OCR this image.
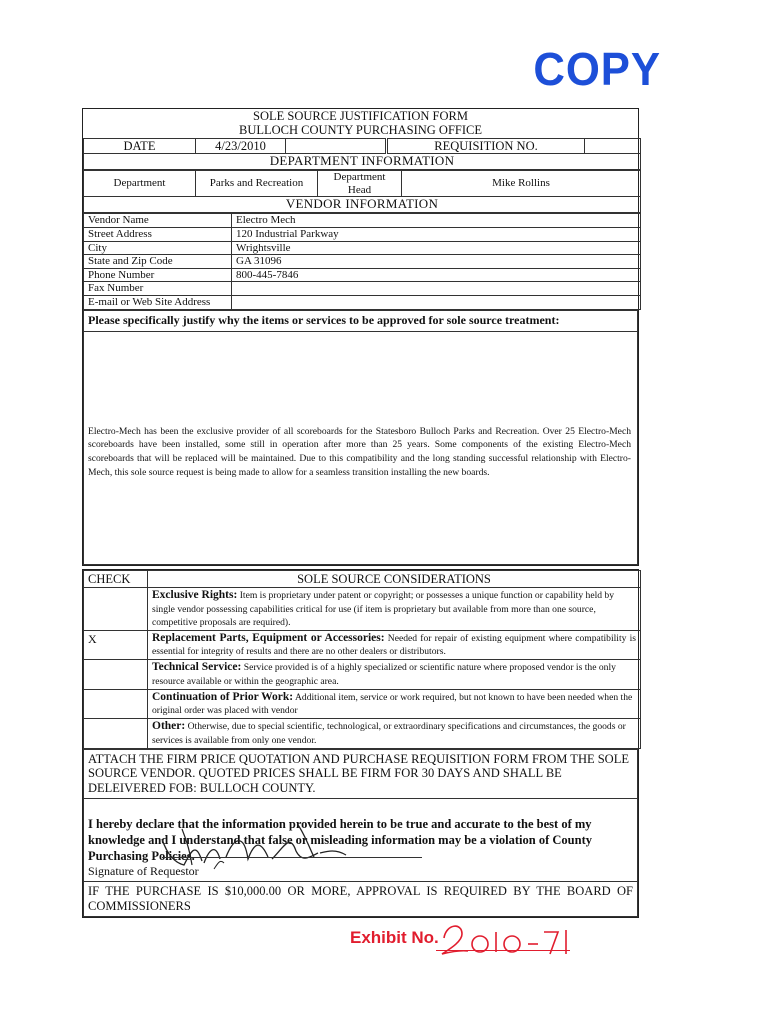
COPY
SOLE SOURCE JUSTIFICATION FORM
BULLOCH COUNTY PURCHASING OFFICE
DATE	4/23/2010		REQUISITION NO.	
DEPARTMENT INFORMATION
Department	Parks and Recreation	Department Head	Mike Rollins
VENDOR INFORMATION
Vendor Name	Electro Mech
Street Address	120 Industrial Parkway
City	Wrightsville
State and Zip Code	GA 31096
Phone Number	800-445-7846
Fax Number	
E-mail or Web Site Address	
Please specifically justify why the items or services to be approved for sole source treatment:

Electro-Mech has been the exclusive provider of all scoreboards for the Statesboro Bulloch Parks and Recreation. Over 25 Electro-Mech scoreboards have been installed, some still in operation after more than 25 years. Some components of the existing Electro-Mech scoreboards that will be replaced will be maintained. Due to this compatibility and the long standing successful relationship with Electro-Mech, this sole source request is being made to allow for a seamless transition installing the new boards.
CHECK	SOLE SOURCE CONSIDERATIONS
	Exclusive Rights: Item is proprietary under patent or copyright; or possesses a unique function or capability held by single vendor possessing capabilities critical for use (if item is proprietary but available from more than one source, competitive proposals are required).
X	Replacement Parts, Equipment or Accessories: Needed for repair of existing equipment where compatibility is essential for integrity of results and there are no other dealers or distributors.
	Technical Service: Service provided is of a highly specialized or scientific nature where proposed vendor is the only resource available or within the geographic area.
	Continuation of Prior Work: Additional item, service or work required, but not known to have been needed when the original order was placed with vendor
	Other: Otherwise, due to special scientific, technological, or extraordinary specifications and circumstances, the goods or services is available from only one vendor.
ATTACH THE FIRM PRICE QUOTATION AND PURCHASE REQUISITION FORM FROM THE SOLE SOURCE VENDOR. QUOTED PRICES SHALL BE FIRM FOR 30 DAYS AND SHALL BE DELEIVERED FOB: BULLOCH COUNTY.
I hereby declare that the information provided herein to be true and accurate to the best of my knowledge and I understand that false or misleading information may be a violation of County Purchasing Policies.
Signature of Requestor

IF THE PURCHASE IS $10,000.00 OR MORE, APPROVAL IS REQUIRED BY THE BOARD OF COMMISSIONERS
Exhibit No.
